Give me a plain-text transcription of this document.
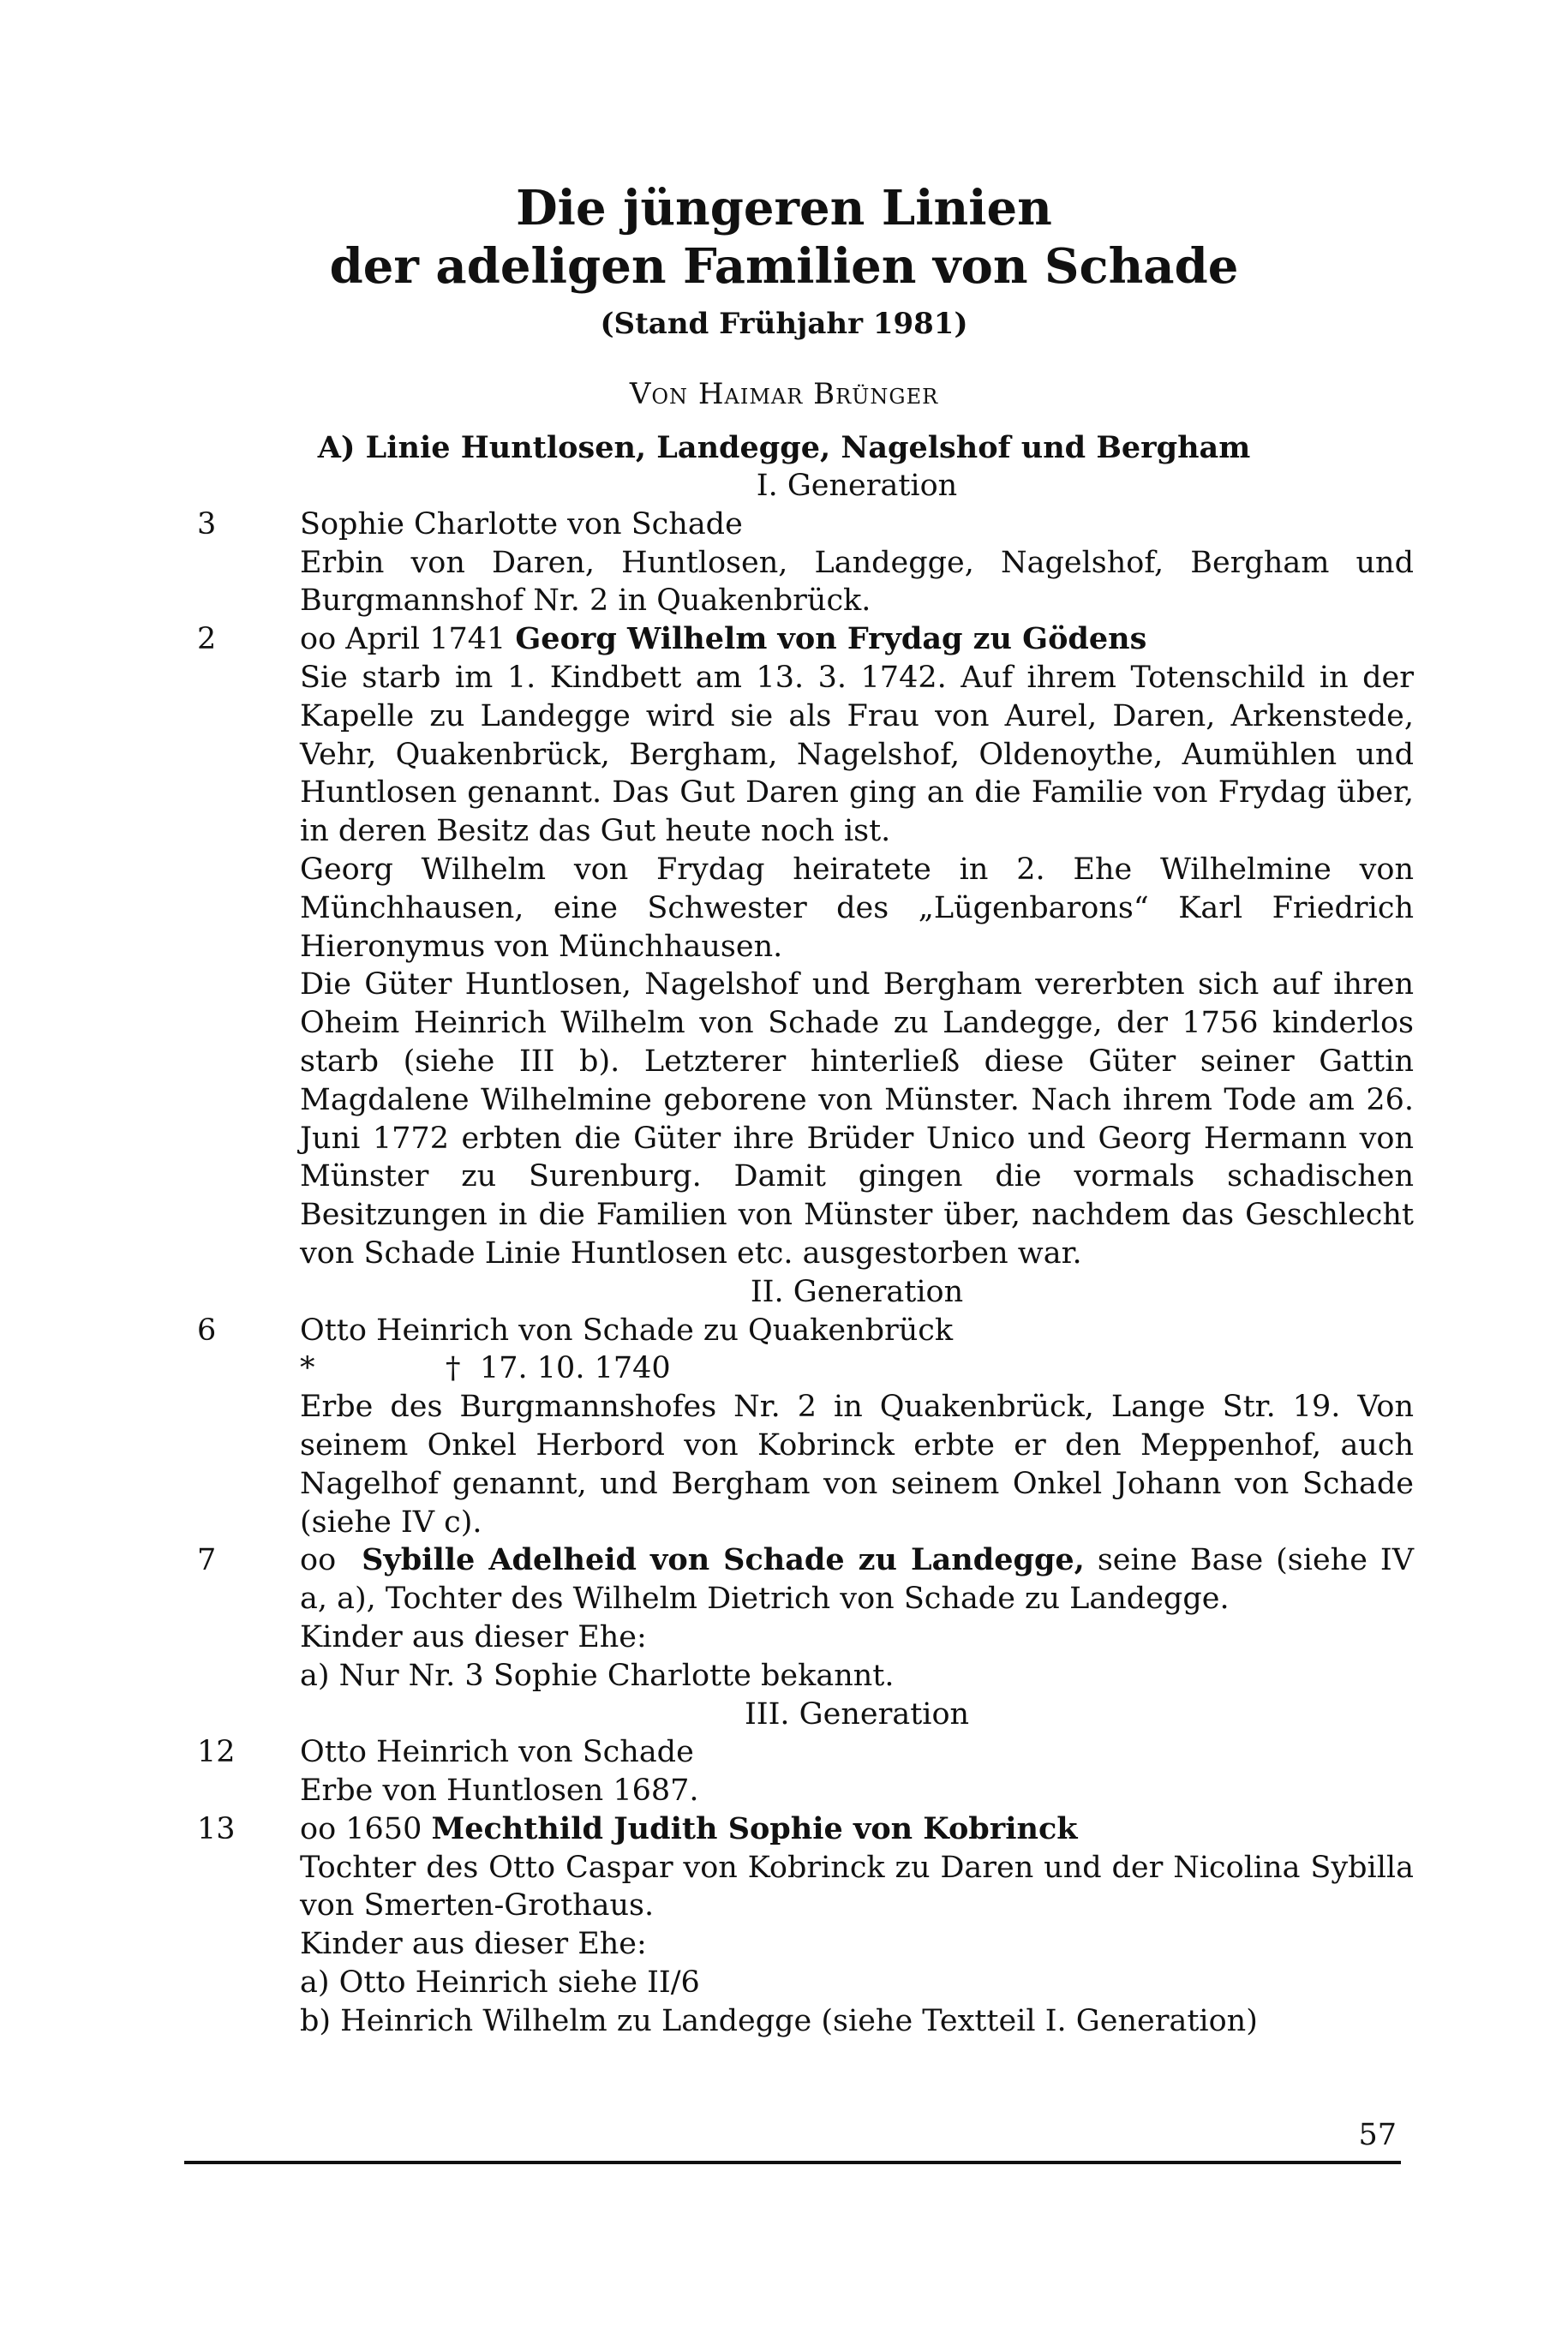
Die jüngeren Linien
der adeligen Familien von Schade
(Stand Frühjahr 1981)
Von Haimar Brünger
A) Linie Huntlosen, Landegge, Nagelshof und Bergham
I. Generation
3	Sophie Charlotte von Schade
Erbin von Daren, Huntlosen, Landegge, Nagelshof, Bergham und Burgmannshof Nr. 2 in Quakenbrück.
2	oo April 1741 Georg Wilhelm von Frydag zu Gödens
Sie starb im 1. Kindbett am 13. 3. 1742. Auf ihrem Totenschild in der Kapelle zu Landegge wird sie als Frau von Aurel, Daren, Arkenstede, Vehr, Quakenbrück, Bergham, Nagelshof, Oldenoythe, Aumühlen und Huntlosen genannt. Das Gut Daren ging an die Familie von Frydag über, in deren Besitz das Gut heute noch ist.
Georg Wilhelm von Frydag heiratete in 2. Ehe Wilhelmine von Münchhausen, eine Schwester des „Lügenbarons“ Karl Friedrich Hieronymus von Münchhausen.
Die Güter Huntlosen, Nagelshof und Bergham vererbten sich auf ihren Oheim Heinrich Wilhelm von Schade zu Landegge, der 1756 kinderlos starb (siehe III b). Letzterer hinterließ diese Güter seiner Gattin Magdalene Wilhelmine geborene von Münster. Nach ihrem Tode am 26. Juni 1772 erbten die Güter ihre Brüder Unico und Georg Hermann von Münster zu Surenburg. Damit gingen die vormals schadischen Besitzungen in die Familien von Münster über, nachdem das Geschlecht von Schade Linie Huntlosen etc. ausgestorben war.
II. Generation
6	Otto Heinrich von Schade zu Quakenbrück
*	† 17. 10. 1740
Erbe des Burgmannshofes Nr. 2 in Quakenbrück, Lange Str. 19. Von seinem Onkel Herbord von Kobrinck erbte er den Meppenhof, auch Nagelhof genannt, und Bergham von seinem Onkel Johann von Schade (siehe IV c).
7	oo Sybille Adelheid von Schade zu Landegge, seine Base (siehe IV a, a), Tochter des Wilhelm Dietrich von Schade zu Landegge.
Kinder aus dieser Ehe:
a) Nur Nr. 3 Sophie Charlotte bekannt.
III. Generation
12	Otto Heinrich von Schade
Erbe von Huntlosen 1687.
13	oo 1650 Mechthild Judith Sophie von Kobrinck
Tochter des Otto Caspar von Kobrinck zu Daren und der Nicolina Sybilla von Smerten-Grothaus.
Kinder aus dieser Ehe:
a) Otto Heinrich siehe II/6
b) Heinrich Wilhelm zu Landegge (siehe Textteil I. Generation)
57
